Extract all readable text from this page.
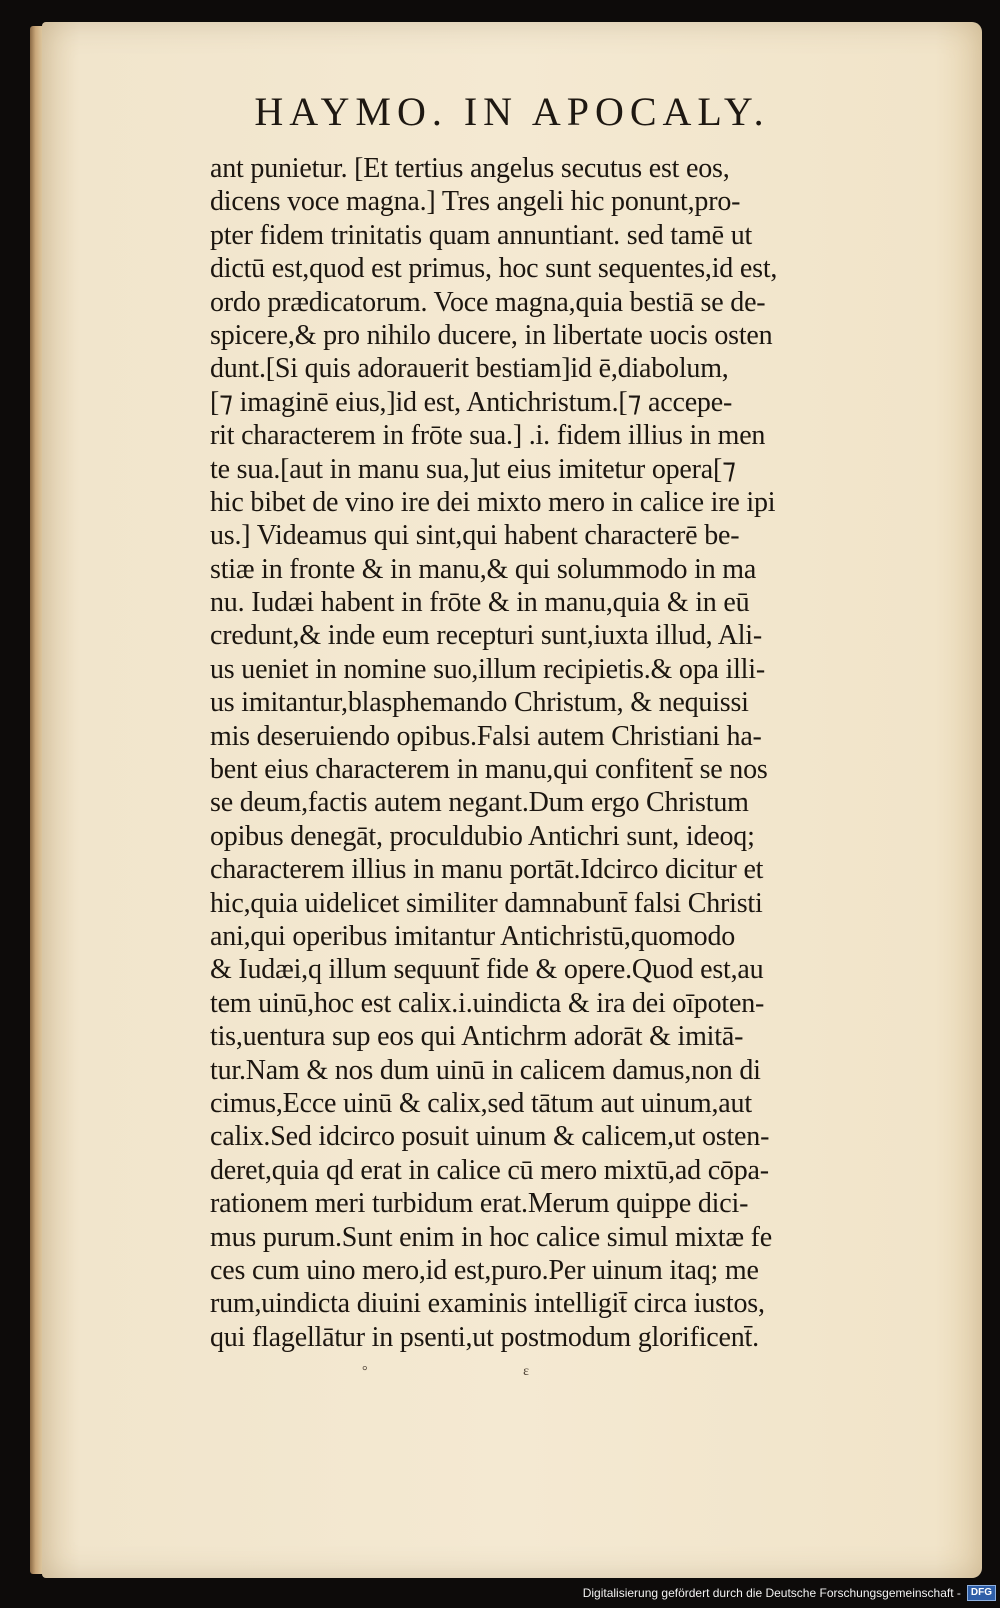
HAYMO. IN APOCALY.
ant punietur. [Et tertius angelus secutus est eos,
dicens voce magna.] Tres angeli hic ponunt,pro-
pter fidem trinitatis quam annuntiant. sed tamē ut
dictū est,quod est primus, hoc sunt sequentes,id est,
ordo prædicatorum. Voce magna,quia bestiā se de-
spicere,& pro nihilo ducere, in libertate uocis osten
dunt.[Si quis adorauerit bestiam]id ē,diabolum,
[⁊ imaginē eius,]id est, Antichristum.[⁊ accepe-
rit characterem in frōte sua.] .i. fidem illius in men
te sua.[aut in manu sua,]ut eius imitetur opera[⁊
hic bibet de vino ire dei mixto mero in calice ire ipi
us.] Videamus qui sint,qui habent characterē be-
stiæ in fronte & in manu,& qui solummodo in ma
nu. Iudæi habent in frōte & in manu,quia & in eū
credunt,& inde eum recepturi sunt,iuxta illud, Ali-
us ueniet in nomine suo,illum recipietis.& opa illi-
us imitantur,blasphemando Christum, & nequissi
mis deseruiendo opibus.Falsi autem Christiani ha-
bent eius characterem in manu,qui confitent̄ se nos
se deum,factis autem negant.Dum ergo Christum
opibus denegāt, proculdubio Antichri sunt, ideoq;
characterem illius in manu portāt.Idcirco dicitur et
hic,quia uidelicet similiter damnabunt̄ falsi Christi
ani,qui operibus imitantur Antichristū,quomodo
& Iudæi,q illum sequunt̄ fide & opere.Quod est,au
tem uinū,hoc est calix.i.uindicta & ira dei oīpoten-
tis,uentura sup eos qui Antichrm adorāt & imitā-
tur.Nam & nos dum uinū in calicem damus,non di
cimus,Ecce uinū & calix,sed tātum aut uinum,aut
calix.Sed idcirco posuit uinum & calicem,ut osten-
deret,quia qd erat in calice cū mero mixtū,ad cōpa-
rationem meri turbidum erat.Merum quippe dici-
mus purum.Sunt enim in hoc calice simul mixtæ fe
ces cum uino mero,id est,puro.Per uinum itaq; me
rum,uindicta diuini examinis intelligit̄ circa iustos,
qui flagellātur in psenti,ut postmodum glorificent̄.
° ε
Digitalisierung gefördert durch die Deutsche Forschungsgemeinschaft -	DFG
